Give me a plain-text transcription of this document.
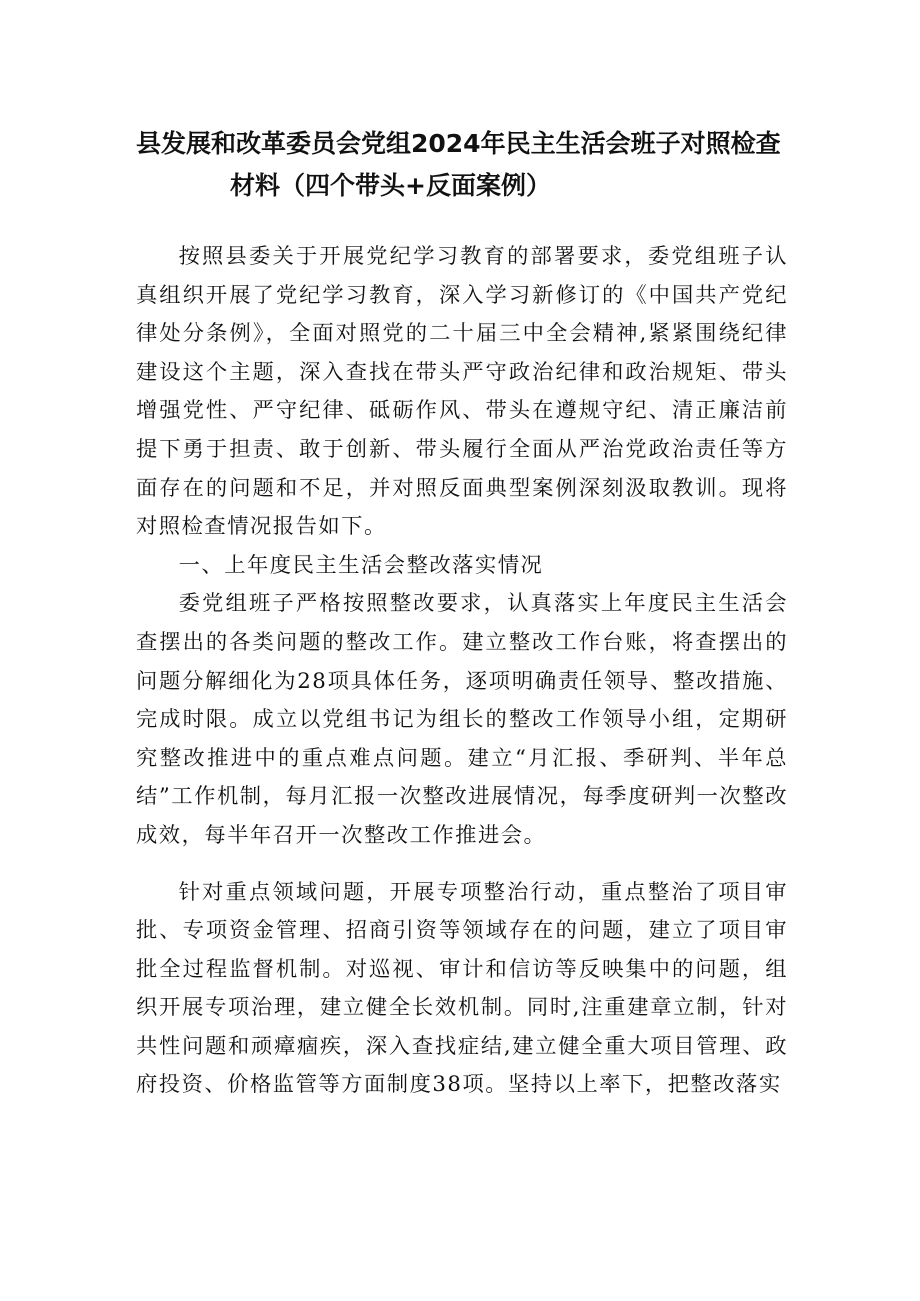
县发展和改革委员会党组2024年民主生活会班子对照检查
材料（四个带头+反面案例）

按照县委关于开展党纪学习教育的部署要求，委党组班子认真组织开展了党纪学习教育，深入学习新修订的《中国共产党纪律处分条例》，全面对照党的二十届三中全会精神,紧紧围绕纪律建设这个主题，深入查找在带头严守政治纪律和政治规矩、带头增强党性、严守纪律、砥砺作风、带头在遵规守纪、清正廉洁前提下勇于担责、敢于创新、带头履行全面从严治党政治责任等方面存在的问题和不足，并对照反面典型案例深刻汲取教训。现将对照检查情况报告如下。

一、上年度民主生活会整改落实情况

委党组班子严格按照整改要求，认真落实上年度民主生活会查摆出的各类问题的整改工作。建立整改工作台账，将查摆出的问题分解细化为28项具体任务，逐项明确责任领导、整改措施、完成时限。成立以党组书记为组长的整改工作领导小组，定期研究整改推进中的重点难点问题。建立“月汇报、季研判、半年总结”工作机制，每月汇报一次整改进展情况，每季度研判一次整改成效，每半年召开一次整改工作推进会。

针对重点领域问题，开展专项整治行动，重点整治了项目审批、专项资金管理、招商引资等领域存在的问题，建立了项目审批全过程监督机制。对巡视、审计和信访等反映集中的问题，组织开展专项治理，建立健全长效机制。同时,注重建章立制，针对共性问题和顽瘴痼疾，深入查找症结,建立健全重大项目管理、政府投资、价格监管等方面制度38项。坚持以上率下，把整改落实
